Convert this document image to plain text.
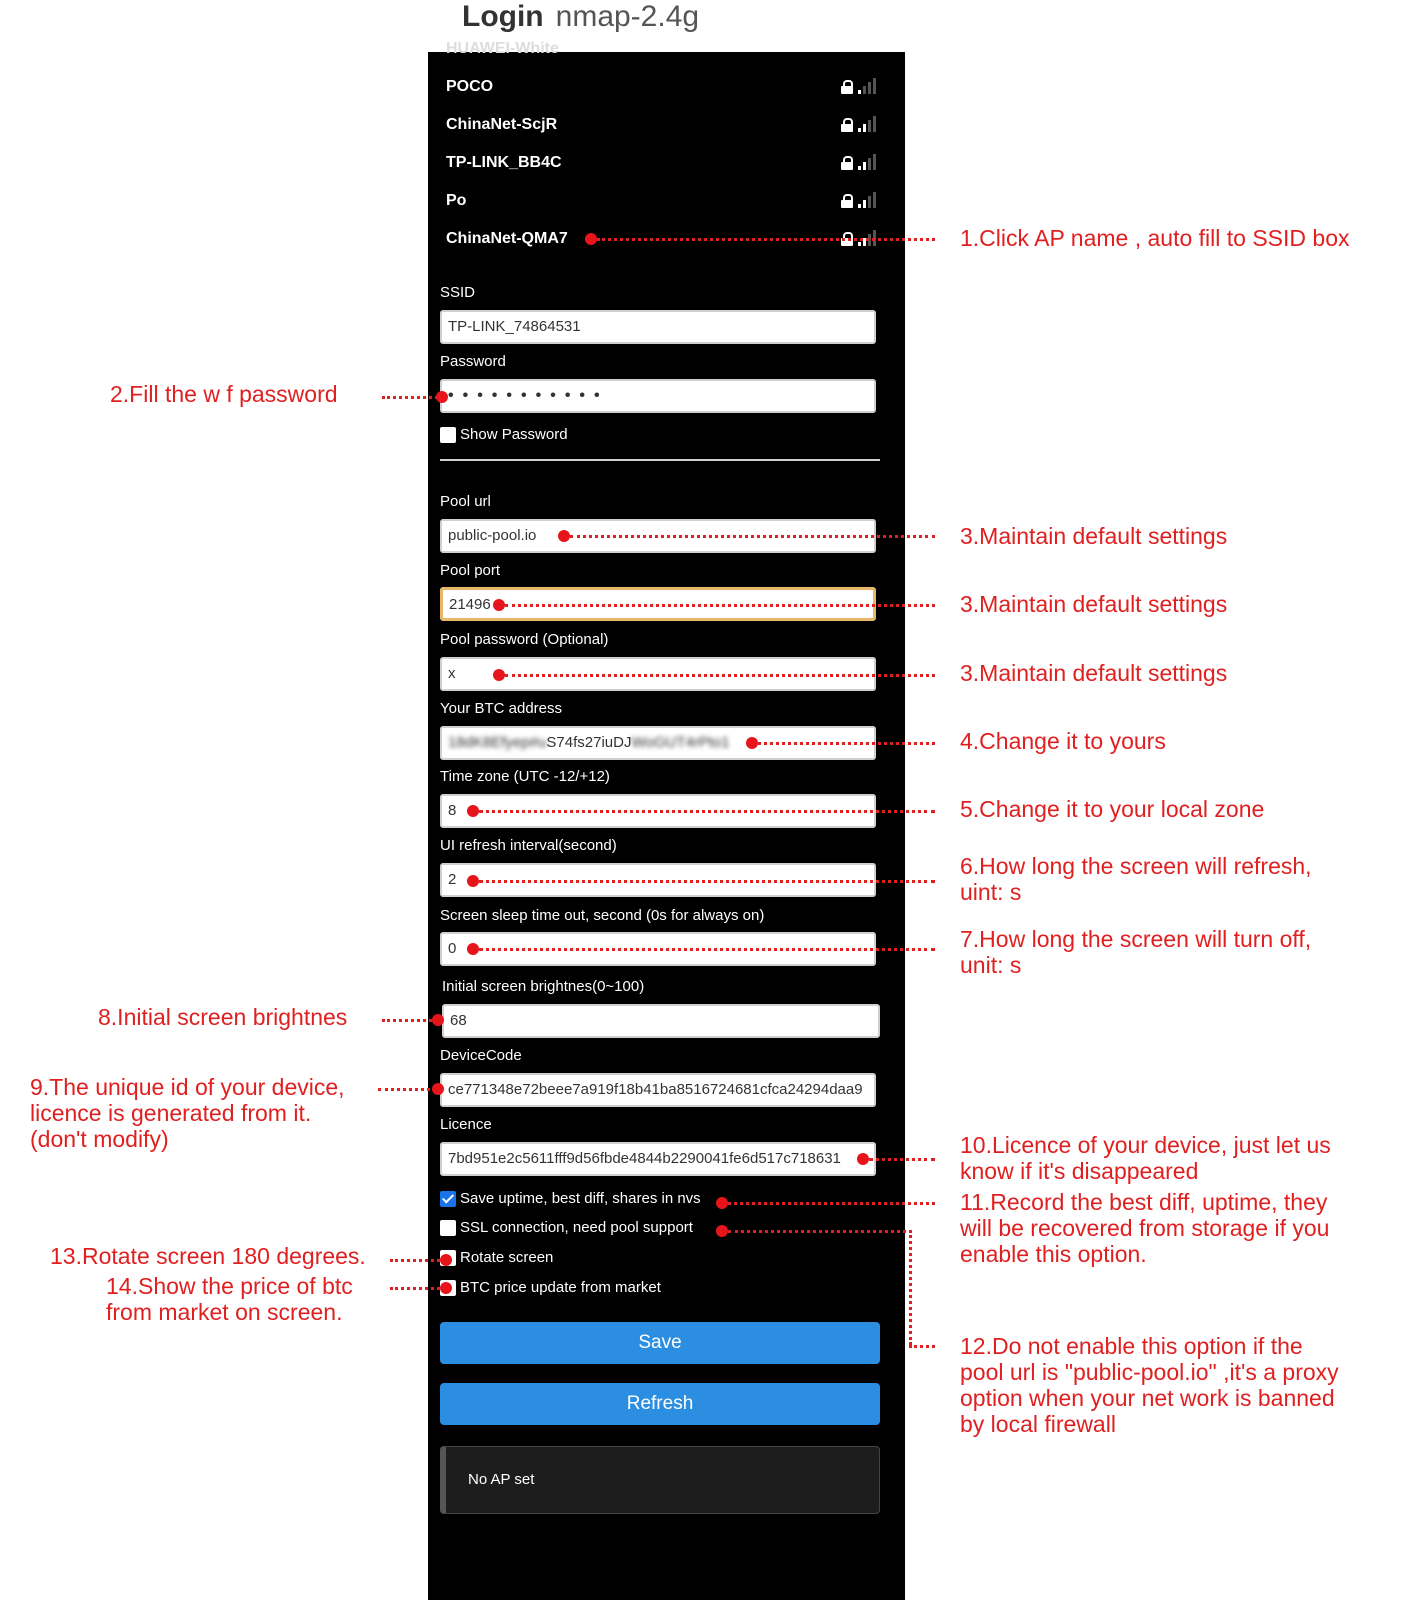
Login nmap-2.4g
HUAWEI-White
POCO
ChinaNet-ScjR
TP-LINK_BB4C
Po
ChinaNet-QMA7
SSID
TP-LINK_74864531
Password
•••••••••••
Show Password
Pool url
public-pool.io
Pool port
21496
Pool password (Optional)
x
Your BTC address
18dK8Efyep#uS74fs27iuDJWoGUT4rPto1
Time zone (UTC -12/+12)
8
UI refresh interval(second)
2
Screen sleep time out, second (0s for always on)
0
Initial screen brightnes(0~100)
68
DeviceCode
ce771348e72beee7a919f18b41ba8516724681cfca24294daa9
Licence
7bd951e2c5611fff9d56fbde4844b2290041fe6d517c718631
Save uptime, best diff, shares in nvs
SSL connection, need pool support
Rotate screen
BTC price update from market
Save
Refresh
No AP set
1.Click AP name , auto fill to SSID box
2.Fill the w f password
3.Maintain default settings
3.Maintain default settings
3.Maintain default settings
4.Change it to yours
5.Change it to your local zone
6.How long the screen will refresh,
uint: s
7.How long the screen will turn off,
unit: s
8.Initial screen brightnes
9.The unique id of your device,
licence is generated from it.
(don't modify)	10.Licence of your device, just let us
know if it's disappeared
11.Record the best diff, uptime, they
will be recovered from storage if you
enable this option.
12.Do not enable this option if the
pool url is "public-pool.io" ,it's a proxy
option when your net work is banned
by local firewall
13.Rotate screen 180 degrees.
14.Show the price of btc
from market on screen.
